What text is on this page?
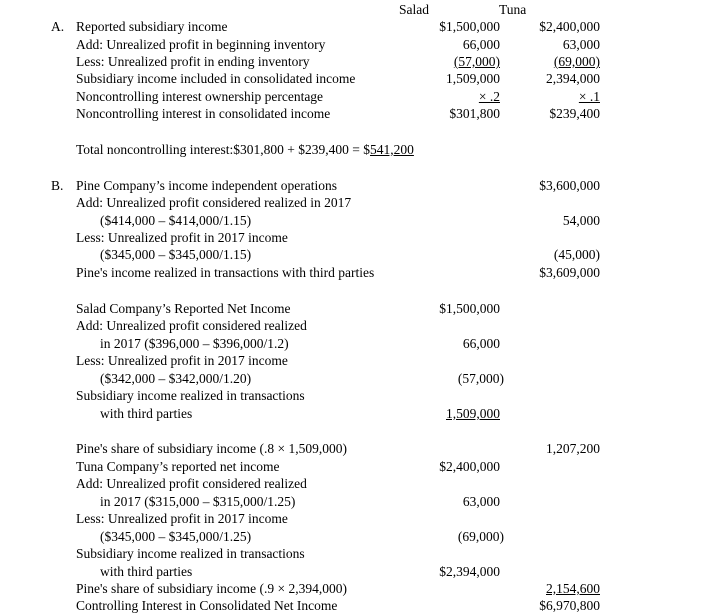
Salad	Tuna
A. Reported subsidiary income	$1,500,000	$2,400,000
Add: Unrealized profit in beginning inventory	66,000	63,000
Less: Unrealized profit in ending inventory	(57,000)	(69,000)
Subsidiary income included in consolidated income	1,509,000	2,394,000
Noncontrolling interest ownership percentage	× .2	× .1
Noncontrolling interest in consolidated income	$301,800	$239,400
Total noncontrolling interest:$301,800 + $239,400 = $541,200
B. Pine Company’s income independent operations	$3,600,000
Add: Unrealized profit considered realized in 2017
($414,000 – $414,000/1.15)	54,000
Less: Unrealized profit in 2017 income
($345,000 – $345,000/1.15)	(45,000)
Pine's income realized in transactions with third parties	$3,609,000
Salad Company’s Reported Net Income	$1,500,000
Add: Unrealized profit considered realized
in 2017 ($396,000 – $396,000/1.2)	66,000
Less: Unrealized profit in 2017 income
($342,000 – $342,000/1.20)	(57,000)
Subsidiary income realized in transactions
with third parties	1,509,000
Pine's share of subsidiary income (.8 × 1,509,000)	1,207,200
Tuna Company’s reported net income	$2,400,000
Add: Unrealized profit considered realized
in 2017 ($315,000 – $315,000/1.25)	63,000
Less: Unrealized profit in 2017 income
($345,000 – $345,000/1.25)	(69,000)
Subsidiary income realized in transactions
with third parties	$2,394,000
Pine's share of subsidiary income (.9 × 2,394,000)	2,154,600
Controlling Interest in Consolidated Net Income	$6,970,800
